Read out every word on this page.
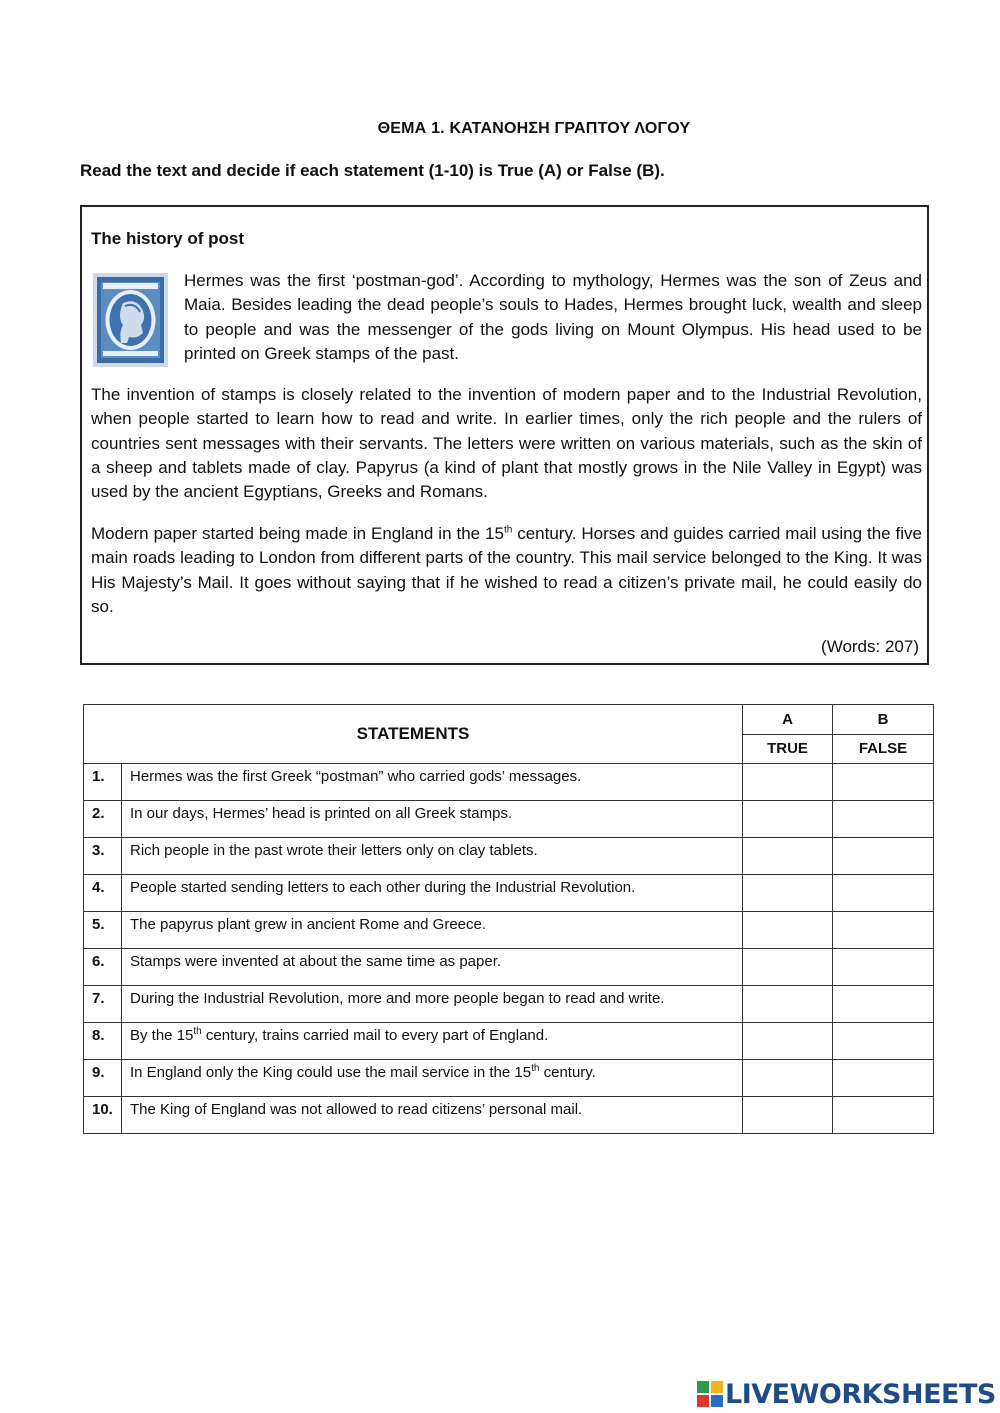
ΘΕΜΑ 1. ΚΑΤΑΝΟΗΣΗ ΓΡΑΠΤΟΥ ΛΟΓΟΥ
Read the text and decide if each statement (1-10) is True (A) or False (B).
The history of post
Hermes was the first ‘postman-god’. According to mythology, Hermes was the son of Zeus and Maia. Besides leading the dead people’s souls to Hades, Hermes brought luck, wealth and sleep to people and was the messenger of the gods living on Mount Olympus. His head used to be printed on Greek stamps of the past.
The invention of stamps is closely related to the invention of modern paper and to the Industrial Revolution, when people started to learn how to read and write. In earlier times, only the rich people and the rulers of countries sent messages with their servants. The letters were written on various materials, such as the skin of a sheep and tablets made of clay. Papyrus (a kind of plant that mostly grows in the Nile Valley in Egypt) was used by the ancient Egyptians, Greeks and Romans.
Modern paper started being made in England in the 15th century. Horses and guides carried mail using the five main roads leading to London from different parts of the country. This mail service belonged to the King. It was His Majesty’s Mail. It goes without saying that if he wished to read a citizen’s private mail, he could easily do so.
(Words: 207)
STATEMENTS		A	B
		TRUE	FALSE
1.	Hermes was the first Greek “postman” who carried gods’ messages.		
2.	In our days, Hermes’ head is printed on all Greek stamps.		
3.	Rich people in the past wrote their letters only on clay tablets.		
4.	People started sending letters to each other during the Industrial Revolution.		
5.	The papyrus plant grew in ancient Rome and Greece.		
6.	Stamps were invented at about the same time as paper.		
7.	During the Industrial Revolution, more and more people began to read and write.		
8.	By the 15th century, trains carried mail to every part of England.		
9.	In England only the King could use the mail service in the 15th century.		
10.	The King of England was not allowed to read citizens’ personal mail.		
LIVEWORKSHEETS
